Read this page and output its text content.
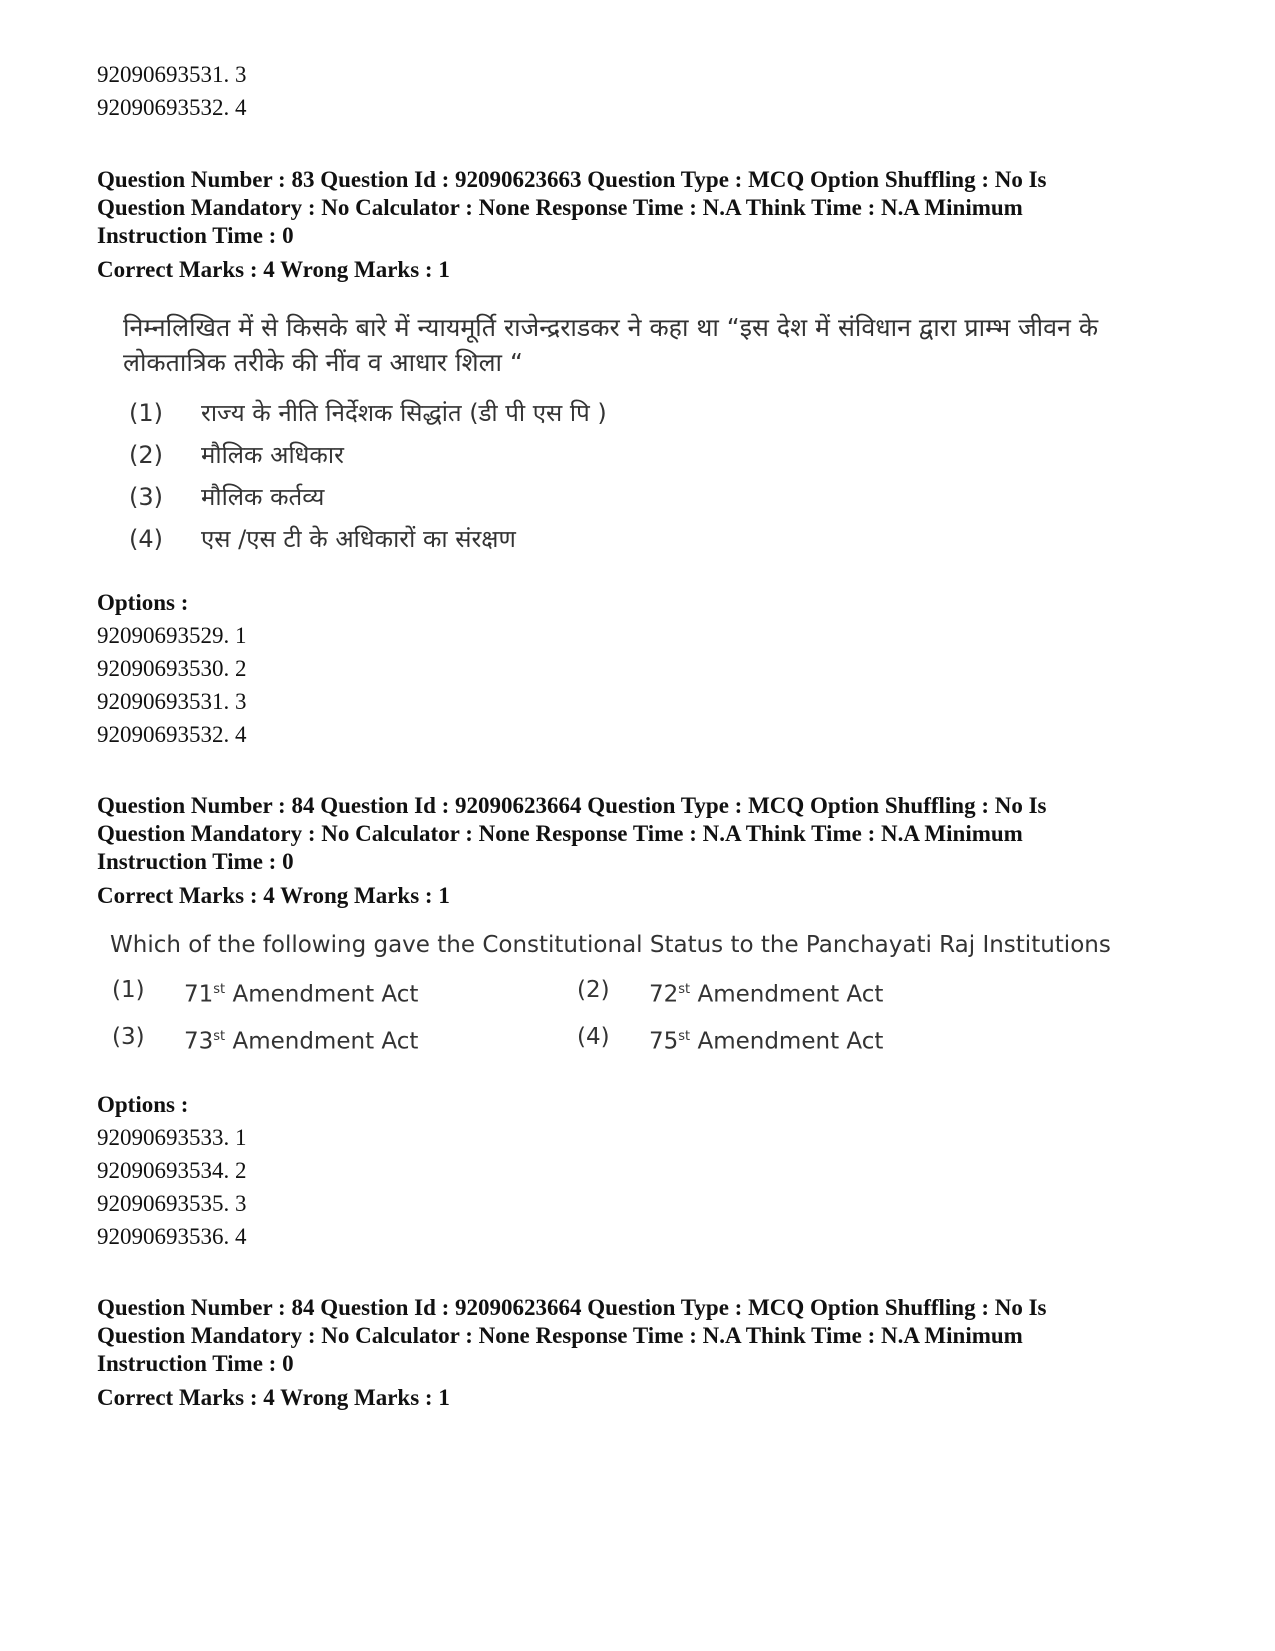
92090693531. 3
92090693532. 4
Question Number : 83 Question Id : 92090623663 Question Type : MCQ Option Shuffling : No Is
Question Mandatory : No Calculator : None Response Time : N.A Think Time : N.A Minimum
Instruction Time : 0
Correct Marks : 4 Wrong Marks : 1
निम्नलिखित में से किसके बारे में न्यायमूर्ति राजेन्द्रराडकर ने कहा था “इस देश में संविधान द्वारा प्राम्भ जीवन के
लोकतात्रिक तरीके की नींव व आधार शिला “
(1)	राज्य के नीति निर्देशक सिद्धांत (डी पी एस पि )
(2)	मौलिक अधिकार
(3)	मौलिक कर्तव्य
(4)	एस /एस टी के अधिकारों का संरक्षण
Options :
92090693529. 1
92090693530. 2
92090693531. 3
92090693532. 4
Question Number : 84 Question Id : 92090623664 Question Type : MCQ Option Shuffling : No Is
Question Mandatory : No Calculator : None Response Time : N.A Think Time : N.A Minimum
Instruction Time : 0
Correct Marks : 4 Wrong Marks : 1
Which of the following gave the Constitutional Status to the Panchayati Raj Institutions
(1)	71st Amendment Act	(2)	72st Amendment Act
(3)	73st Amendment Act	(4)	75st Amendment Act
Options :
92090693533. 1
92090693534. 2
92090693535. 3
92090693536. 4
Question Number : 84 Question Id : 92090623664 Question Type : MCQ Option Shuffling : No Is
Question Mandatory : No Calculator : None Response Time : N.A Think Time : N.A Minimum
Instruction Time : 0
Correct Marks : 4 Wrong Marks : 1
